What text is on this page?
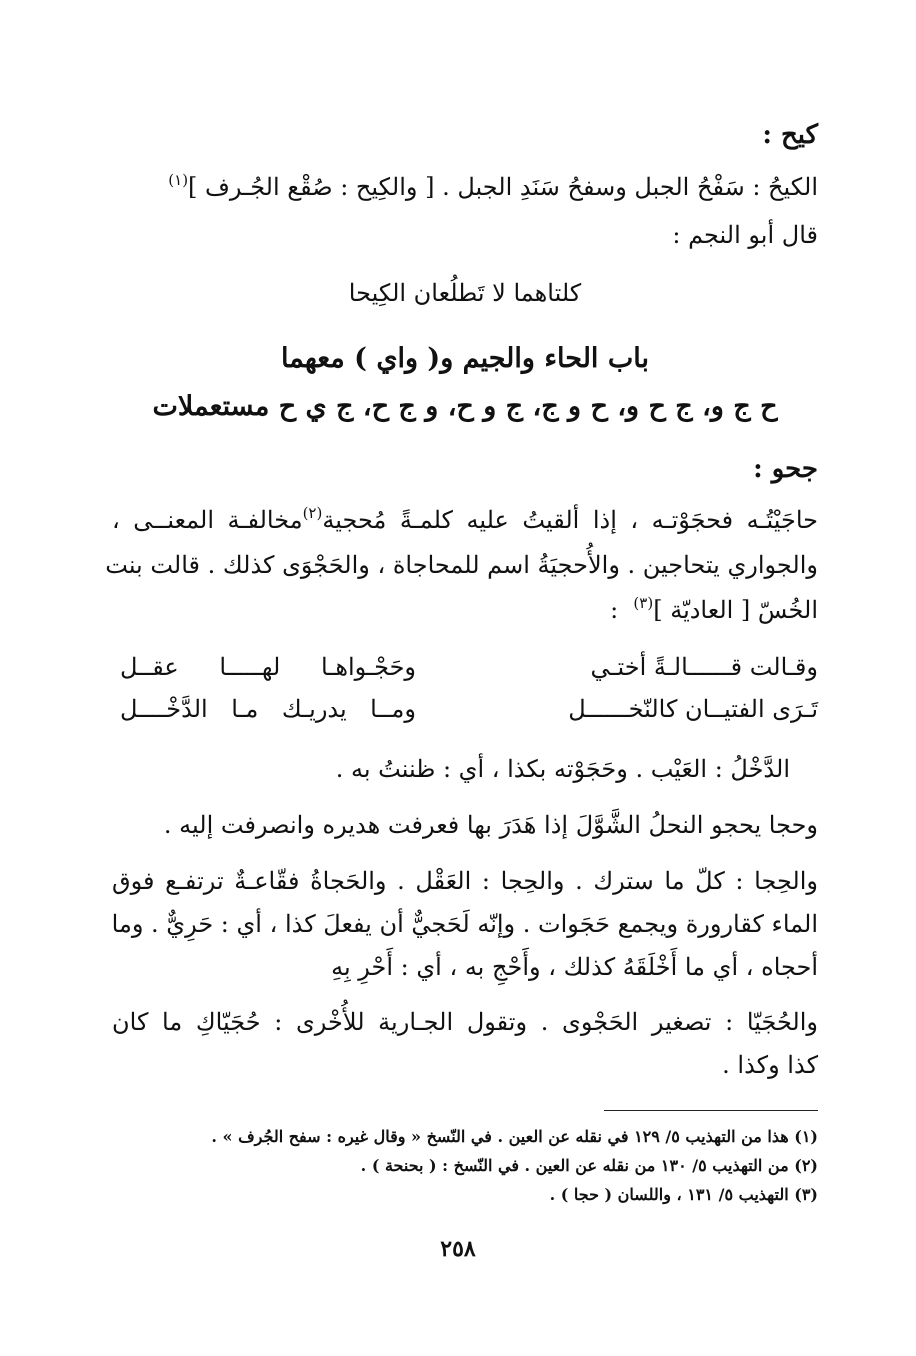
كيح :
الكيحُ : سَفْحُ الجبل وسفحُ سَنَدِ الجبل . [ والكِيح : صُقْع الجُـرف ]$^{(١)}$
قال أبو النجم :
كلتاهما لا تَطلُعان الكِيحا
باب الحاء والجيم و( واي ) معهما
ح ج و، ج ح و، ح و ج، ج و ح، و ج ح، ج ي ح مستعملات
جحو :
حاجَيْتُـه فحجَوْتـه ، إذا ألقيتُ عليه كلمـةً مُحجية$^{(٢)}$مخالفـة المعنــى ،
والجواري يتحاجين . والأُحجيَةُ اسم للمحاجاة ، والحَجْوَى كذلك . قالت بنت
الخُسّ [ العاديّة ]$^{(٣)}$  :
وقـالت قــــــالـةً أختـي
وحَجْـواهـا لهـــــا عقــل
تَـرَى الفتيــان كالنّخــــــل
ومــا يدريـك مـا الدَّخْــــل
الدَّخْلُ : العَيْب . وحَجَوْته بكذا ، أي : ظننتُ به .
وحجا يحجو النحلُ الشَّوَّلَ إذا هَدَرَ بها فعرفت هديره وانصرفت إليه .
والحِجا : كلّ ما سترك . والحِجا : العَقْل . والحَجاةُ فقّاعـةٌ ترتفـع فوق
الماء كقارورة ويجمع حَجَوات . وإنّه لَحَجيٌّ أن يفعلَ كذا ، أي : حَرِيٌّ . وما
أحجاه ، أي ما أَخْلَقَهُ كذلك ، وأَحْجِ به ، أي : أَحْرِ بِهِ
والحُجَيّا : تصغير الحَجْوى . وتقول الجـارية للأُخْرى : حُجَيّاكِ ما كان
كذا وكذا .
(١) هذا من التهذيب ٥/ ١٢٩ في نقله عن العين . في النّسخ « وقال غيره : سفح الجُرف » .
(٢) من التهذيب ٥/ ١٣٠ من نقله عن العين . في النّسخ : ( بحنحة ) .
(٣) التهذيب ٥/ ١٣١ ، واللسان ( حجا ) .
٢٥٨
